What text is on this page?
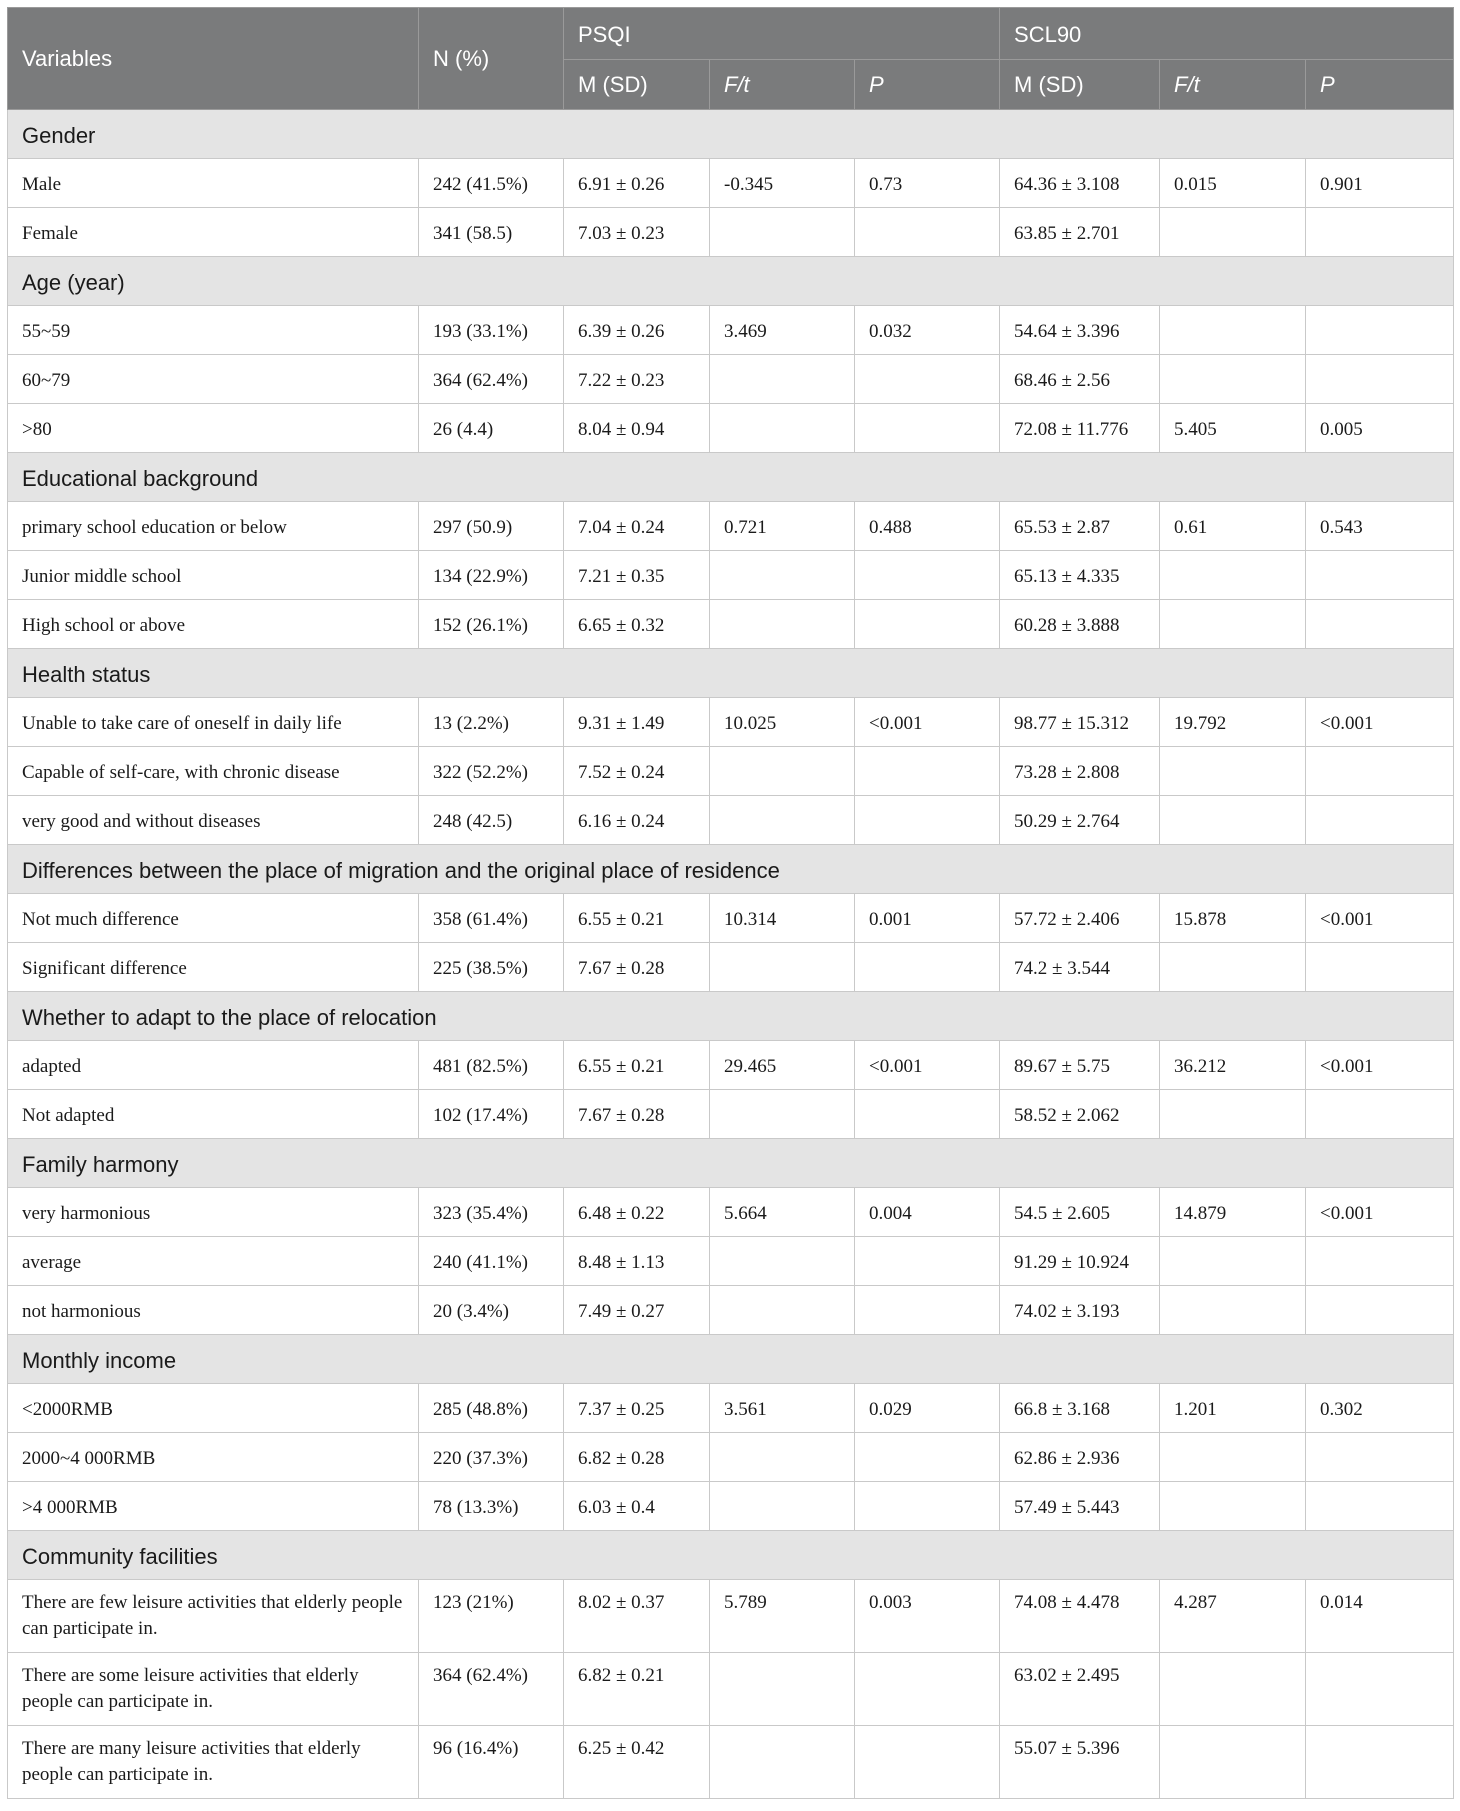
Variables	N (%)	PSQI			SCL90		
		M (SD)	F/t	P	M (SD)	F/t	P
Gender							
Male	242 (41.5%)	6.91 ± 0.26	-0.345	0.73	64.36 ± 3.108	0.015	0.901
Female	341 (58.5)	7.03 ± 0.23			63.85 ± 2.701		
Age (year)							
55~59	193 (33.1%)	6.39 ± 0.26	3.469	0.032	54.64 ± 3.396		
60~79	364 (62.4%)	7.22 ± 0.23			68.46 ± 2.56		
>80	26 (4.4)	8.04 ± 0.94			72.08 ± 11.776	5.405	0.005
Educational background							
primary school education or below	297 (50.9)	7.04 ± 0.24	0.721	0.488	65.53 ± 2.87	0.61	0.543
Junior middle school	134 (22.9%)	7.21 ± 0.35			65.13 ± 4.335		
High school or above	152 (26.1%)	6.65 ± 0.32			60.28 ± 3.888		
Health status							
Unable to take care of oneself in daily life	13 (2.2%)	9.31 ± 1.49	10.025	<0.001	98.77 ± 15.312	19.792	<0.001
Capable of self-care, with chronic disease	322 (52.2%)	7.52 ± 0.24			73.28 ± 2.808		
very good and without diseases	248 (42.5)	6.16 ± 0.24			50.29 ± 2.764		
Differences between the place of migration and the original place of residence							
Not much difference	358 (61.4%)	6.55 ± 0.21	10.314	0.001	57.72 ± 2.406	15.878	<0.001
Significant difference	225 (38.5%)	7.67 ± 0.28			74.2 ± 3.544		
Whether to adapt to the place of relocation							
adapted	481 (82.5%)	6.55 ± 0.21	29.465	<0.001	89.67 ± 5.75	36.212	<0.001
Not adapted	102 (17.4%)	7.67 ± 0.28			58.52 ± 2.062		
Family harmony							
very harmonious	323 (35.4%)	6.48 ± 0.22	5.664	0.004	54.5 ± 2.605	14.879	<0.001
average	240 (41.1%)	8.48 ± 1.13			91.29 ± 10.924		
not harmonious	20 (3.4%)	7.49 ± 0.27			74.02 ± 3.193		
Monthly income							
<2000RMB	285 (48.8%)	7.37 ± 0.25	3.561	0.029	66.8 ± 3.168	1.201	0.302
2000~4 000RMB	220 (37.3%)	6.82 ± 0.28			62.86 ± 2.936		
>4 000RMB	78 (13.3%)	6.03 ± 0.4			57.49 ± 5.443		
Community facilities							
There are few leisure activities that elderly people can participate in.	123 (21%)	8.02 ± 0.37	5.789	0.003	74.08 ± 4.478	4.287	0.014
There are some leisure activities that elderly people can participate in.	364 (62.4%)	6.82 ± 0.21			63.02 ± 2.495		
There are many leisure activities that elderly people can participate in.	96 (16.4%)	6.25 ± 0.42			55.07 ± 5.396		
